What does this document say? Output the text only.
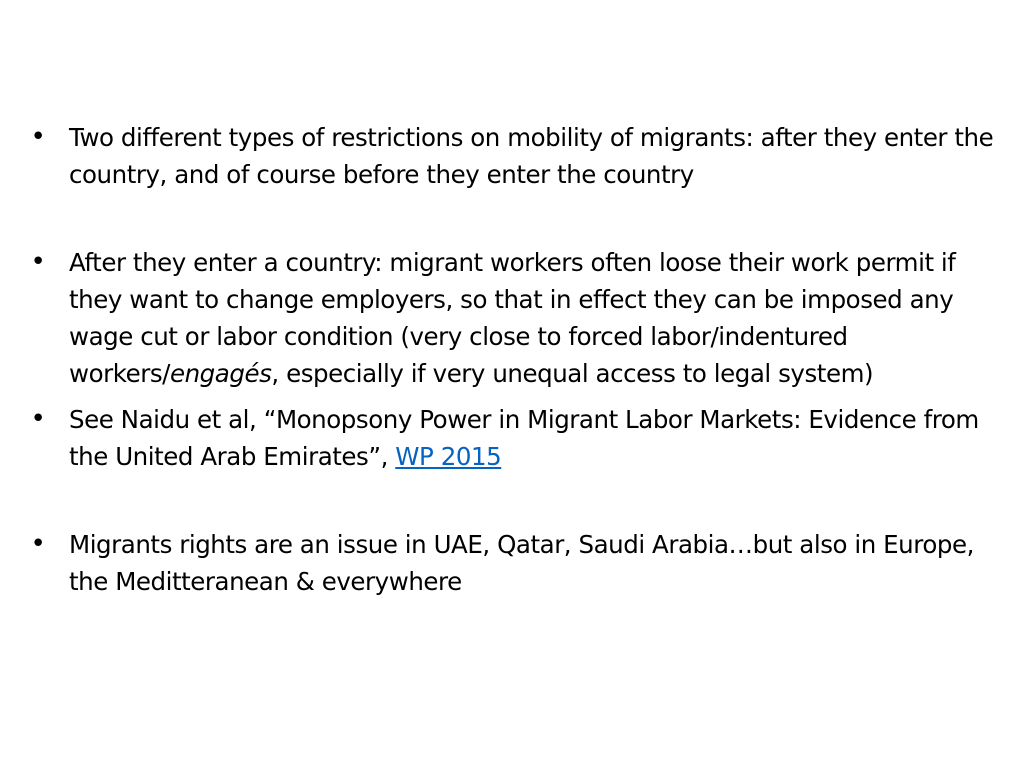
• Two different types of restrictions on mobility of migrants: after they enter the country, and of course before they enter the country
• After they enter a country: migrant workers often loose their work permit if they want to change employers, so that in effect they can be imposed any wage cut or labor condition (very close to forced labor/indentured workers/engagés, especially if very unequal access to legal system)
• See Naidu et al, “Monopsony Power in Migrant Labor Markets: Evidence from the United Arab Emirates”, WP 2015
• Migrants rights are an issue in UAE, Qatar, Saudi Arabia…but also in Europe, the Meditteranean & everywhere
